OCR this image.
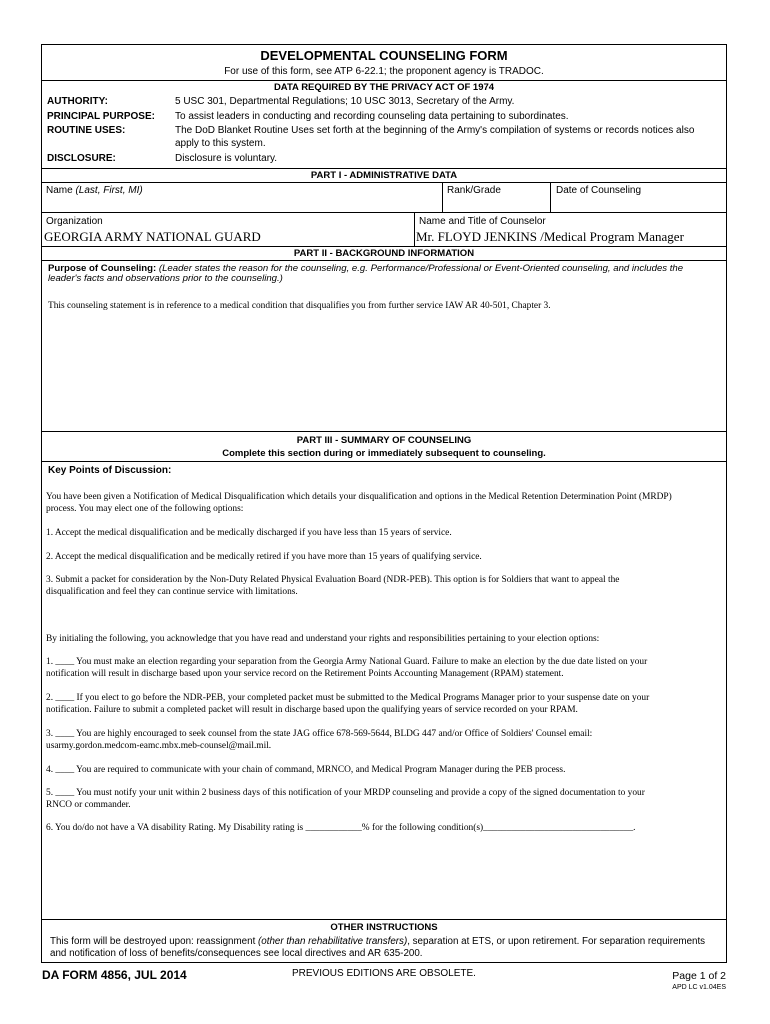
DEVELOPMENTAL COUNSELING FORM
For use of this form, see ATP 6-22.1; the proponent agency is TRADOC.
DATA REQUIRED BY THE PRIVACY ACT OF 1974
AUTHORITY:	5 USC 301, Departmental Regulations; 10 USC 3013, Secretary of the Army.
PRINCIPAL PURPOSE: To assist leaders in conducting and recording counseling data pertaining to subordinates.
ROUTINE USES:	The DoD Blanket Routine Uses set forth at the beginning of the Army's compilation of systems or records notices also
apply to this system.
DISCLOSURE:	Disclosure is voluntary.
PART I - ADMINISTRATIVE DATA
Name (Last, First, MI)	Rank/Grade	Date of Counseling
Organization
GEORGIA ARMY NATIONAL GUARD
Name and Title of Counselor
Mr. FLOYD JENKINS /Medical Program Manager
PART II - BACKGROUND INFORMATION
Purpose of Counseling: (Leader states the reason for the counseling, e.g. Performance/Professional or Event-Oriented counseling, and includes the
leader's facts and observations prior to the counseling.)
This counseling statement is in reference to a medical condition that disqualifies you from further service IAW AR 40-501, Chapter 3.
PART III - SUMMARY OF COUNSELING
Complete this section during or immediately subsequent to counseling.
Key Points of Discussion:
You have been given a Notification of Medical Disqualification which details your disqualification and options in the Medical Retention Determination Point (MRDP)
process. You may elect one of the following options:
1. Accept the medical disqualification and be medically discharged if you have less than 15 years of service.
2. Accept the medical disqualification and be medically retired if you have more than 15 years of qualifying service.
3. Submit a packet for consideration by the Non-Duty Related Physical Evaluation Board (NDR-PEB). This option is for Soldiers that want to appeal the
disqualification and feel they can continue service with limitations.
By initialing the following, you acknowledge that you have read and understand your rights and responsibilities pertaining to your election options:
1. ____ You must make an election regarding your separation from the Georgia Army National Guard. Failure to make an election by the due date listed on your
notification will result in discharge based upon your service record on the Retirement Points Accounting Management (RPAM) statement.
2. ____ If you elect to go before the NDR-PEB, your completed packet must be submitted to the Medical Programs Manager prior to your suspense date on your
notification. Failure to submit a completed packet will result in discharge based upon the qualifying years of service recorded on your RPAM.
3. ____ You are highly encouraged to seek counsel from the state JAG office 678-569-5644, BLDG 447 and/or Office of Soldiers' Counsel email:
usarmy.gordon.medcom-eamc.mbx.meb-counsel@mail.mil.
4. ____ You are required to communicate with your chain of command, MRNCO, and Medical Program Manager during the PEB process.
5. ____ You must notify your unit within 2 business days of this notification of your MRDP counseling and provide a copy of the signed documentation to your
RNCO or commander.
6. You do/do not have a VA disability Rating. My Disability rating is ____________% for the following condition(s)________________________________.
OTHER INSTRUCTIONS
This form will be destroyed upon: reassignment (other than rehabilitative transfers), separation at ETS, or upon retirement. For separation requirements
and notification of loss of benefits/consequences see local directives and AR 635-200.
DA FORM 4856, JUL 2014	PREVIOUS EDITIONS ARE OBSOLETE.	Page 1 of 2
APD LC v1.04ES
